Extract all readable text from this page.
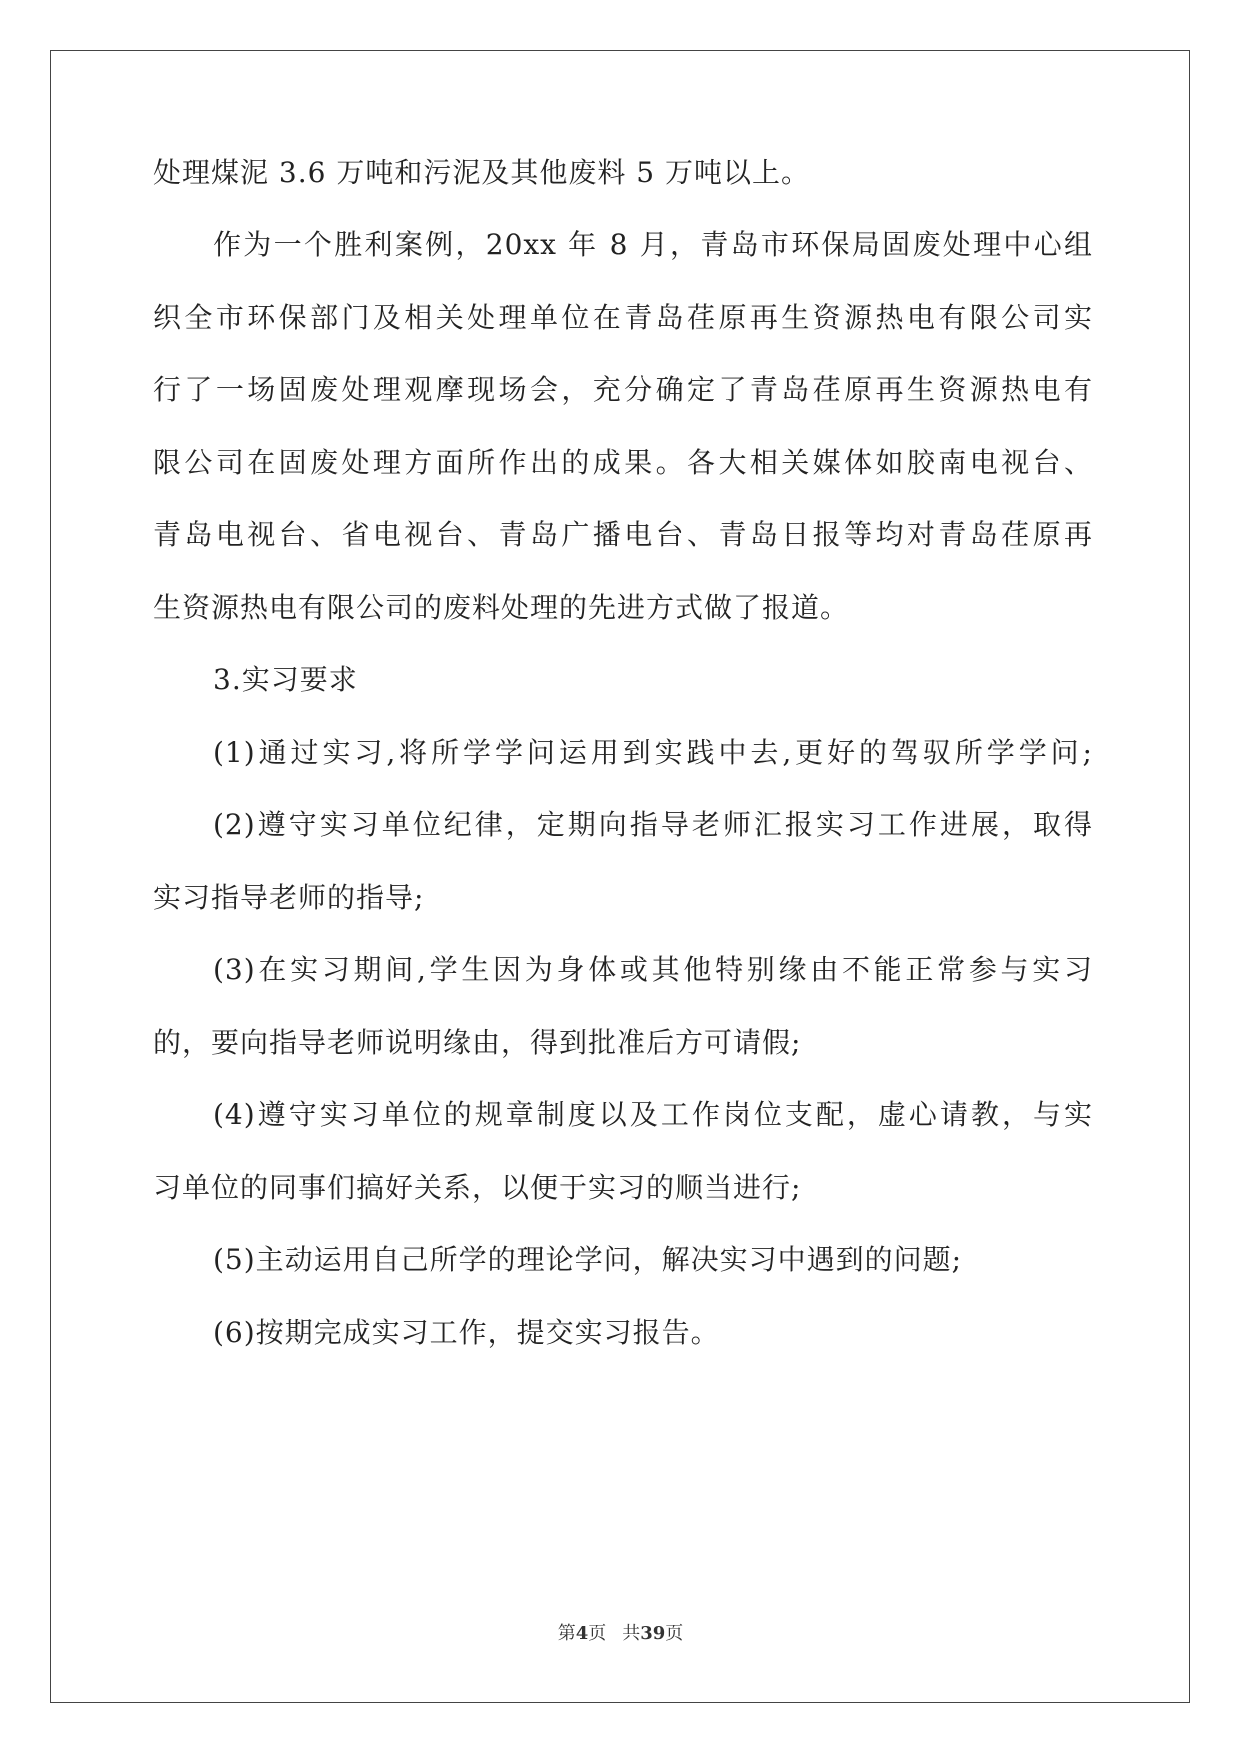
处理煤泥 3.6 万吨和污泥及其他废料 5 万吨以上。
作为一个胜利案例，20xx 年 8 月，青岛市环保局固废处理中心组
织全市环保部门及相关处理单位在青岛荏原再生资源热电有限公司实
行了一场固废处理观摩现场会，充分确定了青岛荏原再生资源热电有
限公司在固废处理方面所作出的成果。各大相关媒体如胶南电视台、
青岛电视台、省电视台、青岛广播电台、青岛日报等均对青岛荏原再
生资源热电有限公司的废料处理的先进方式做了报道。
3.实习要求
(1)通过实习,将所学学问运用到实践中去,更好的驾驭所学学问;
(2)遵守实习单位纪律，定期向指导老师汇报实习工作进展，取得
实习指导老师的指导;
(3)在实习期间,学生因为身体或其他特别缘由不能正常参与实习
的，要向指导老师说明缘由，得到批准后方可请假;
(4)遵守实习单位的规章制度以及工作岗位支配，虚心请教，与实
习单位的同事们搞好关系，以便于实习的顺当进行;
(5)主动运用自己所学的理论学问，解决实习中遇到的问题;
(6)按期完成实习工作，提交实习报告。
第4页 共39页
